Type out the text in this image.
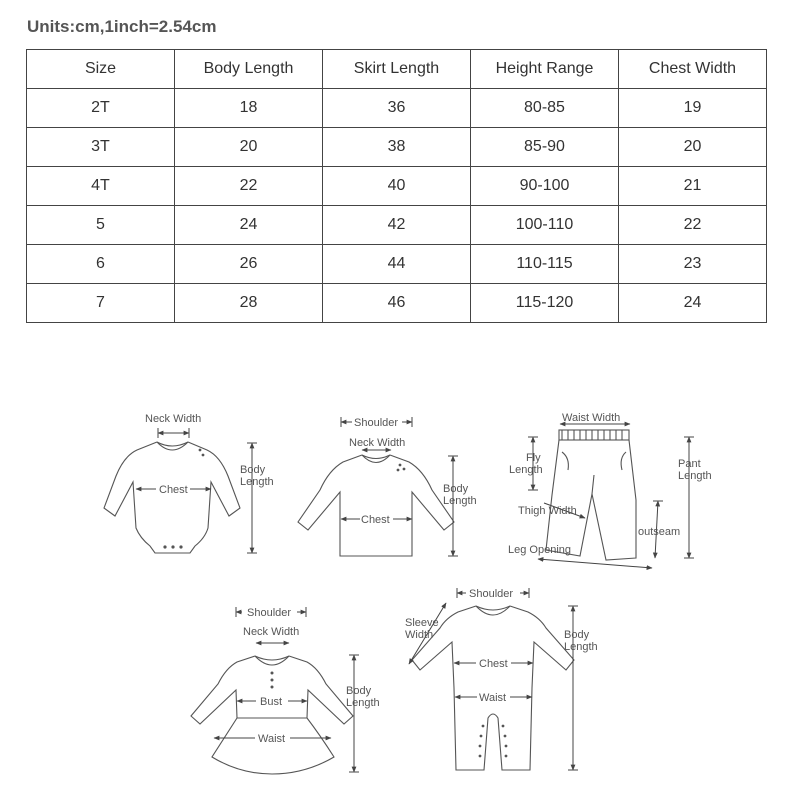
Units:cm,1inch=2.54cm
Size	Body Length	Skirt Length	Height Range	Chest Width
2T	18	36	80-85	19
3T	20	38	85-90	20
4T	22	40	90-100	21
5	24	42	100-110	22
6	26	44	110-115	23
7	28	46	115-120	24
Neck Width
Chest
Body
Length
Shoulder
Neck Width
Chest
Body
Length
Waist Width
Fly
Length	Pant
Length
Thigh Width
outseam
Leg Opening
Shoulder
Neck Width
Bust
Waist
Body
Length
Shoulder
Sleeve
Width
Chest
Waist
Body
Length
